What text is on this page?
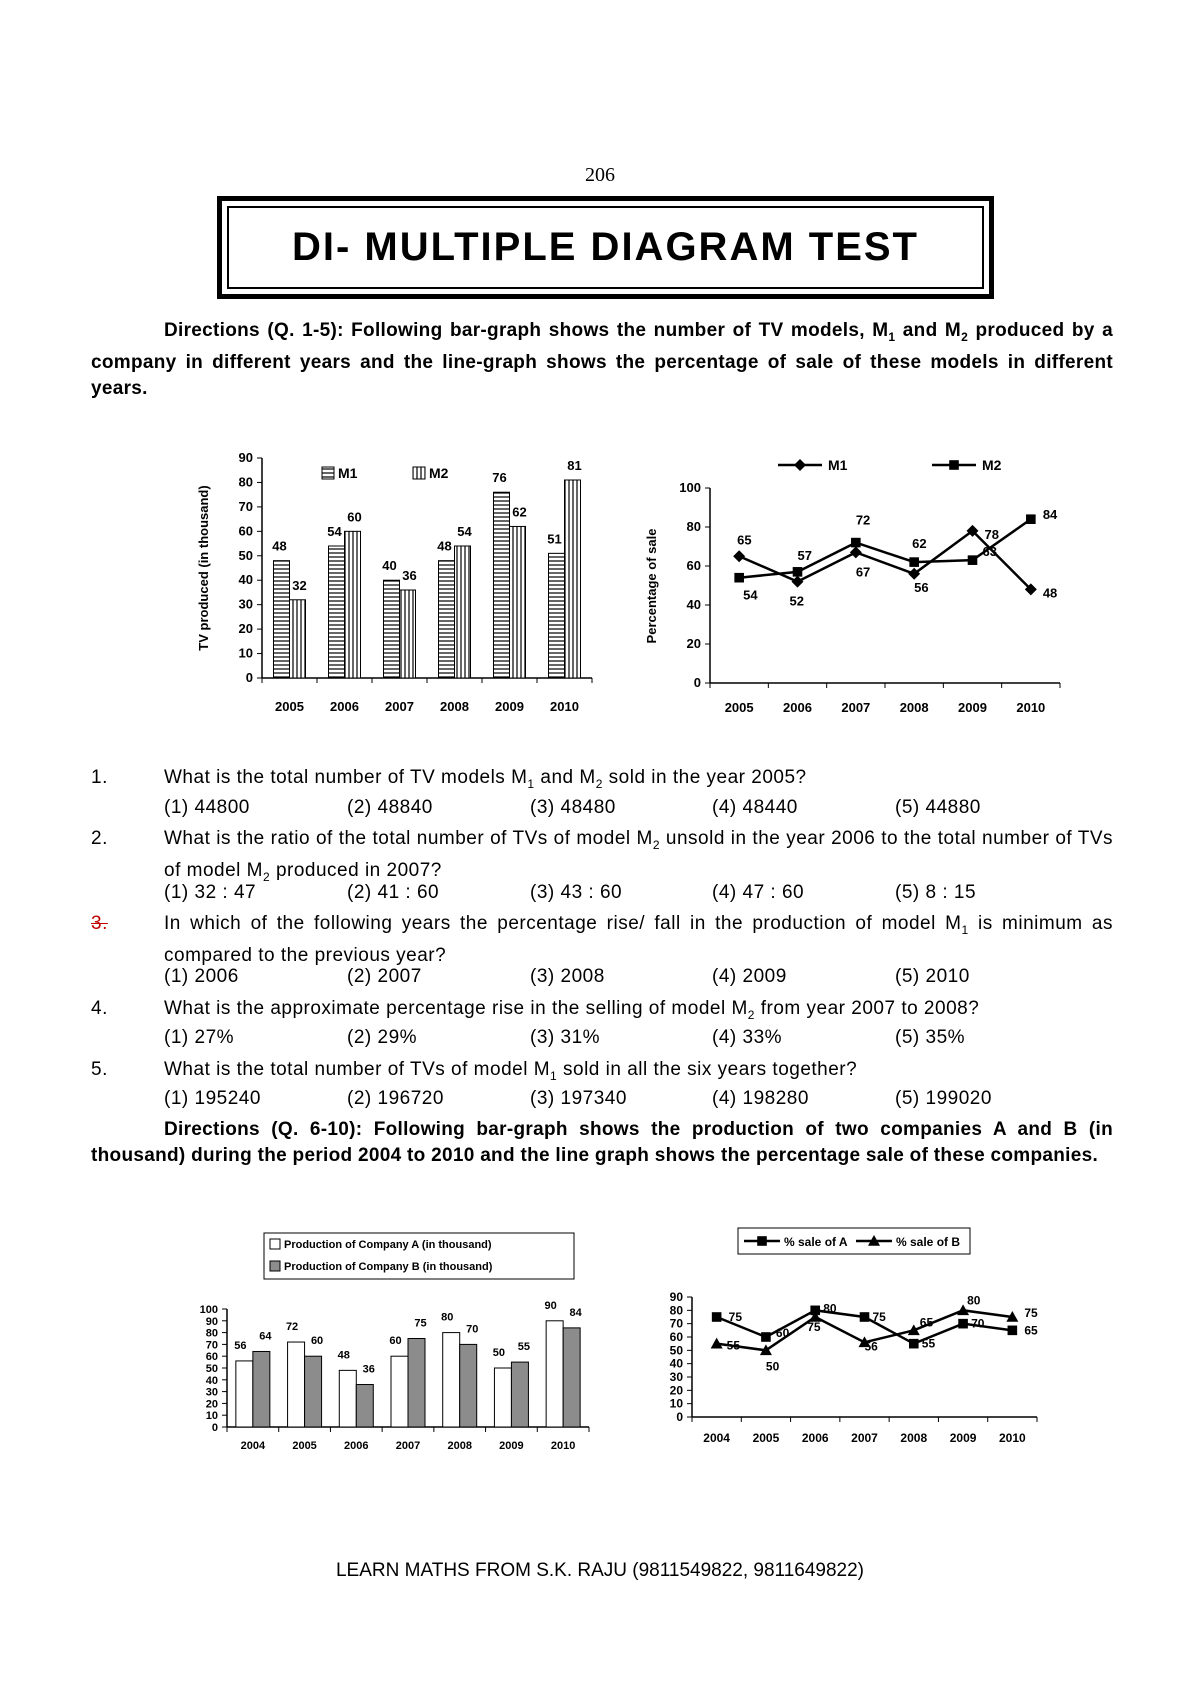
206
DI- MULTIPLE DIAGRAM TEST
Directions (Q. 1-5): Following bar-graph shows the number of TV models, $M_1$ and $M_2$ produced by a company in different years and the line-graph shows the percentage of sale of these models in different years.
0
10
20
30
40
50
60
70
80
90
2005
48
32
2006
54
60
2007
40
36
2008
48
54
2009
76
62
2010
51
81
TV produced (in thousand)
M1	M2
0
20
40
60
80
100
2005 2006 2007 2008 2009 2010
65
52
67
56
78
48
54
57
72
62
63
84
Percentage of sale
M1	M2
1.	What is the total number of TV models $M_1$ and $M_2$ sold in the year 2005?
(1) 44800	(2) 48840	(3) 48480	(4) 48440	(5) 44880
2.	What is the ratio of the total number of TVs of model $M_2$ unsold in the year 2006 to the total number of TVs of model $M_2$ produced in 2007?
(1) 32 : 47	(2) 41 : 60	(3) 43 : 60	(4) 47 : 60	(5) 8 : 15
3.	In which of the following years the percentage rise/ fall in the production of model $M_1$ is minimum as compared to the previous year?
(1) 2006	(2) 2007	(3) 2008	(4) 2009	(5) 2010
4.	What is the approximate percentage rise in the selling of model $M_2$ from year 2007 to 2008?
(1) 27%	(2) 29%	(3) 31%	(4) 33%	(5) 35%
5.	What is the total number of TVs of model $M_1$ sold in all the six years together?
(1) 195240	(2) 196720	(3) 197340	(4) 198280	(5) 199020
Directions (Q. 6-10): Following bar-graph shows the production of two companies A and B (in thousand) during the period 2004 to 2010 and the line graph shows the percentage sale of these companies.
0
10
20
30
40
50
60
70
80
90
100
2004
56
64
2005
72
60
2006
48
36
2007
60
75
2008
80
70
2009
50 55
2010
90
84
Production of Company A (in thousand)
Production of Company B (in thousand)
0
10
20
30
40
50
60
70
80
90
2004 2005 2006 2007 2008 2009 2010
75
60
80
75
55
70	65
55
50
75
56
65
80
75
% sale of A	% sale of B
LEARN MATHS FROM S.K. RAJU (9811549822, 9811649822)
